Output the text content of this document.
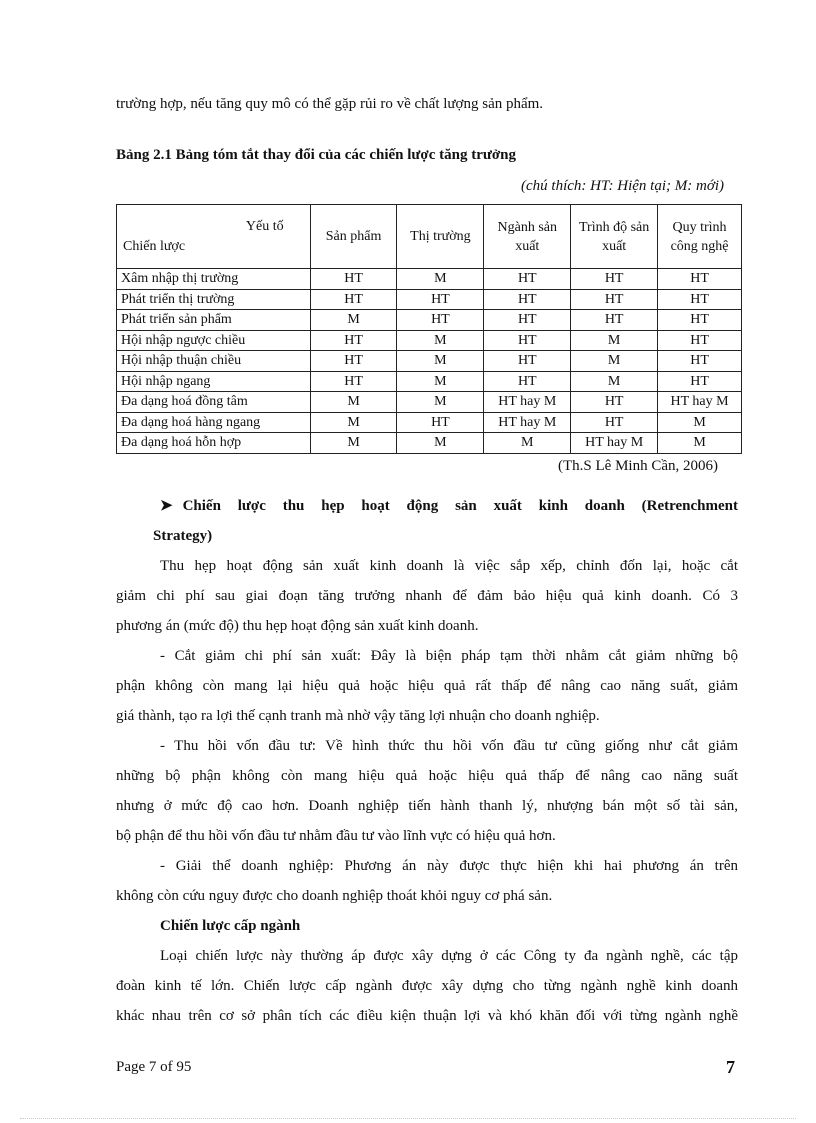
trường hợp, nếu tăng quy mô có thể gặp rủi ro về chất lượng sản phẩm.
Bảng 2.1 Bảng tóm tắt thay đổi của các chiến lược tăng trưởng
(chú thích: HT: Hiện tại; M: mới)
Yếu tố
Chiến lược	Sản phẩm	Thị trường	Ngành sản xuất	Trình độ sản xuất	Quy trình công nghệ
Xâm nhập thị trường	HT	M	HT	HT	HT
Phát triển thị trường	HT	HT	HT	HT	HT
Phát triển sản phẩm	M	HT	HT	HT	HT
Hội nhập ngược chiều	HT	M	HT	M	HT
Hội nhập thuận chiều	HT	M	HT	M	HT
Hội nhập ngang	HT	M	HT	M	HT
Đa dạng hoá đồng tâm	M	M	HT hay M	HT	HT hay M
Đa dạng hoá hàng ngang	M	HT	HT hay M	HT	M
Đa dạng hoá hỗn hợp	M	M	M	HT hay M	M
(Th.S Lê Minh Cần, 2006)
➤ Chiến lược thu hẹp hoạt động sản xuất kinh doanh (Retrenchment
Strategy)
Thu hẹp hoạt động sản xuất kinh doanh là việc sắp xếp, chỉnh đốn lại, hoặc cắt
giảm chi phí sau giai đoạn tăng trưởng nhanh để đảm bảo hiệu quả kinh doanh. Có 3
phương án (mức độ) thu hẹp hoạt động sản xuất kinh doanh.
- Cắt giảm chi phí sản xuất: Đây là biện pháp tạm thời nhằm cắt giảm những bộ
phận không còn mang lại hiệu quả hoặc hiệu quả rất thấp để nâng cao năng suất, giảm
giá thành, tạo ra lợi thế cạnh tranh mà nhờ vậy tăng lợi nhuận cho doanh nghiệp.
- Thu hồi vốn đầu tư: Về hình thức thu hồi vốn đầu tư cũng giống như cắt giảm
những bộ phận không còn mang hiệu quả hoặc hiệu quả thấp để nâng cao năng suất
nhưng ở mức độ cao hơn. Doanh nghiệp tiến hành thanh lý, nhượng bán một số tài sản,
bộ phận để thu hồi vốn đầu tư nhằm đầu tư vào lĩnh vực có hiệu quả hơn.
- Giải thể doanh nghiệp: Phương án này được thực hiện khi hai phương án trên
không còn cứu nguy được cho doanh nghiệp thoát khỏi nguy cơ phá sản.
Chiến lược cấp ngành
Loại chiến lược này thường áp được xây dựng ở các Công ty đa ngành nghề, các tập
đoàn kinh tế lớn. Chiến lược cấp ngành được xây dựng cho từng ngành nghề kinh doanh
khác nhau trên cơ sở phân tích các điều kiện thuận lợi và khó khăn đối với từng ngành nghề
Page 7 of 95	7
